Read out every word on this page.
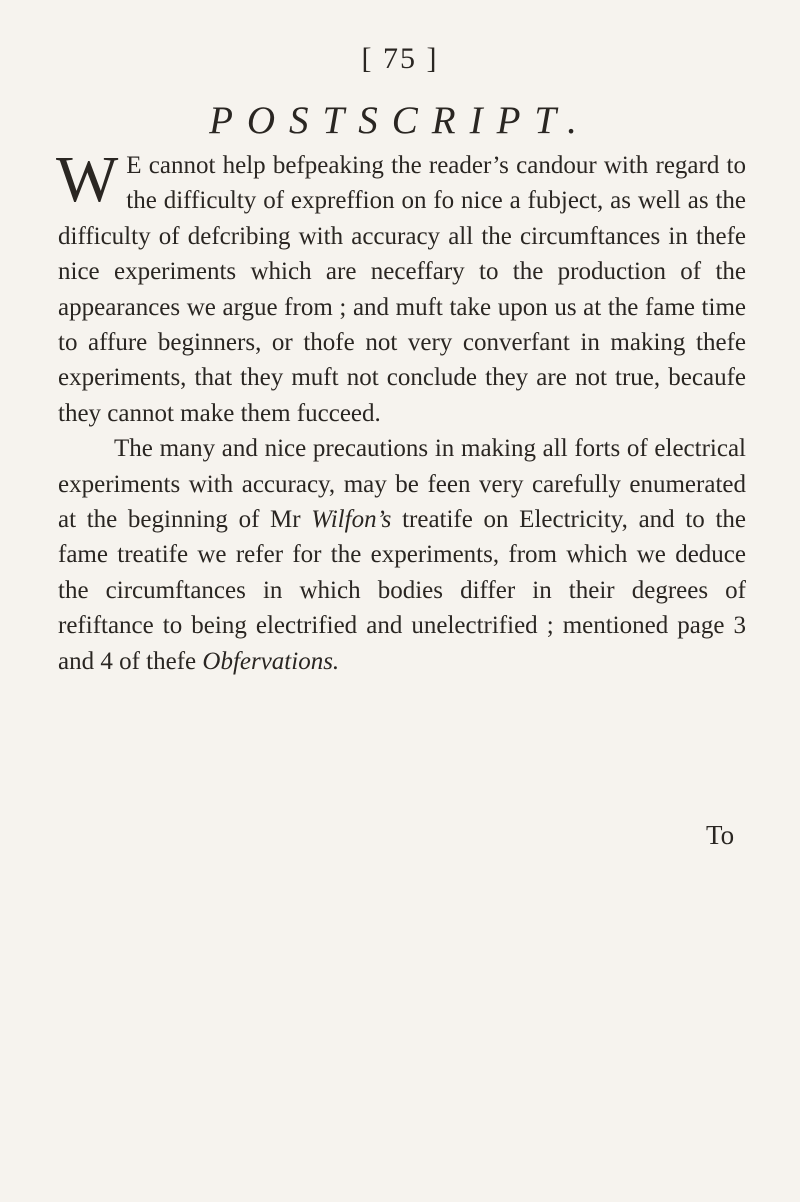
[ 75 ]
POSTSCRIPT.

W E cannot help befpeaking the reader’s candour with regard to the difficulty of expreffion on fo nice a fubject, as well as the difficulty of defcribing with accuracy all the circumftances in thefe nice experiments which are neceffary to the production of the appearances we argue from ; and muft take upon us at the fame time to affure beginners, or thofe not very converfant in making thefe experiments, that they muft not conclude they are not true, becaufe they cannot make them fucceed.

The many and nice precautions in making all forts of electrical experiments with accuracy, may be feen very carefully enumerated at the beginning of Mr Wilfon’s treatife on Electricity, and to the fame treatife we refer for the experiments, from which we deduce the circumftances in which bodies differ in their degrees of refiftance to being electrified and unelectrified ; mentioned page 3 and 4 of thefe Obfervations.

To
